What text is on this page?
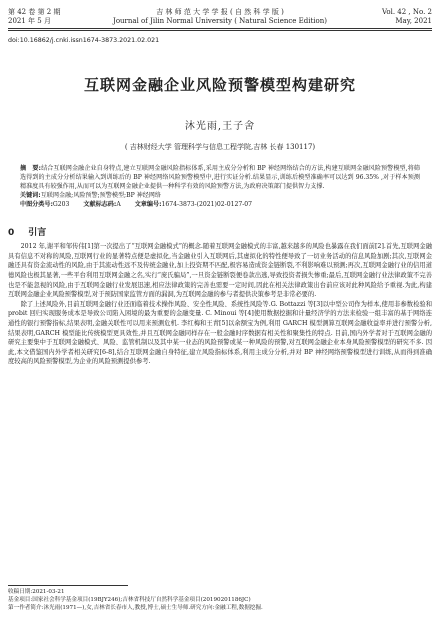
第 42 卷 第 2 期
2021 年 5 月
吉 林 师 范 大 学 学 报 ( 自 然 科 学 版 )
Journal of Jilin Normal University ( Natural Science Edition)
Vol. 42 , No. 2
May, 2021
doi:10.16862/j.cnki.issn1674-3873.2021.02.021
互联网金融企业风险预警模型构建研究
沐光雨,王子舍
( 吉林财经大学 管理科学与信息工程学院,吉林 长春 130117)
摘　要:结合互联网金融企业自身特点,建立互联网金融风险指标体系,采用主成分分析和 BP 神经网络结合的方法,构建互联网金融风险预警模型,将筛选得到的主成分分析结果输入到训练后的 BP 神经网络风险预警模型中,进行实证分析.结果显示,训练后模型准确率可以达到 96.35% ,对于样本预测精准度具有较强作用,从而可以为互联网金融企业提供一种科学有效的风险预警方法,为政府决策部门提供智力支撑.
关键词:互联网金融;风险预警;预警模型;BP 神经网络
中图分类号:G203 文献标志码:A 文章编号:1674-3873-(2021)02-0127-07
0 引言

2012 年,谢平和邹传伟[1]第一次提出了“互联网金融模式”的概念.随着互联网金融模式的丰富,越来越多的风险也暴露在我们面前[2].首先,互联网金融具有信息不对称的风险,互联网行业的显著特点便是虚拟化,当金融业引入互联网后,其虚拟化的特性便导致了一切业务活动的信息风险加剧;其次,互联网金融还具有资金流动性的风险,由于其流动性远不及传统金融业,加上投资期不匹配,极容易造成资金链断裂,不利影响难以预测;再次,互联网金融行业的信用道德风险也极其显著,一些平台利用互联网金融之名,实行“庞氏骗局”,一旦资金链断裂便卷款出逃,导致投资者损失惨重;最后,互联网金融行业法律政策不完善也是不能忽视的风险,由于互联网金融行业发展迅速,相应法律政策的完善也需要一定时间,因此在相关法律政策出台前应该对此种风险给予重视.为此,构建互联网金融企业风险预警模型,对于预防国家监管方面的漏洞,为互联网金融的参与者提供决策参考是非常必要的.

除了上述风险外,目前互联网金融行业还面临着技术操作风险、安全性风险、系统性风险等.G. Bottazzi 等[3]以中型公司作为样本,使用非参数检验和 probit 回归实现服务成本是导致公司陷入困境的最为重要的金融变量. C. Minoui 等[4]使用数据挖掘和计量经济学的方法来检验一组丰富的基于网络连通性的银行预警指标,结果表明,金融关联性可以用来预测危机. 李红梅和王青[5]以余额宝为例,利用 GARCH 模型测算互联网金融收益率并进行预警分析,结果表明,GARCH 模型能比传统模型更具效性,并且互联网金融同样存在一般金融时序数据有相关性和聚集性的特点. 目前,国内外学者对于互联网金融的研究主要集中于互联网金融模式、风险、监管机制以及其中某一业态的风险预警或某一种风险的预警,对互联网金融企业本身风险预警模型的研究不多. 因此,本文借鉴国内外学者相关研究[6-8],结合互联网金融自身特征,建立风险指标体系,利用主成分分析,并对 BP 神经网络预警模型进行训练,从而得到准确度较高的风险预警模型,为企业的风险预测提供参考.

收稿日期:2021-03-21
基金项目:国家社会科学基金项目(19BJY246);吉林省科技厅自然科学基金项目(20190201186JC)
第一作者简介:沐光雨(1971—),女,吉林省长春市人,教授,博士,硕士生导师.研究方向:金融工程,数据挖掘.
